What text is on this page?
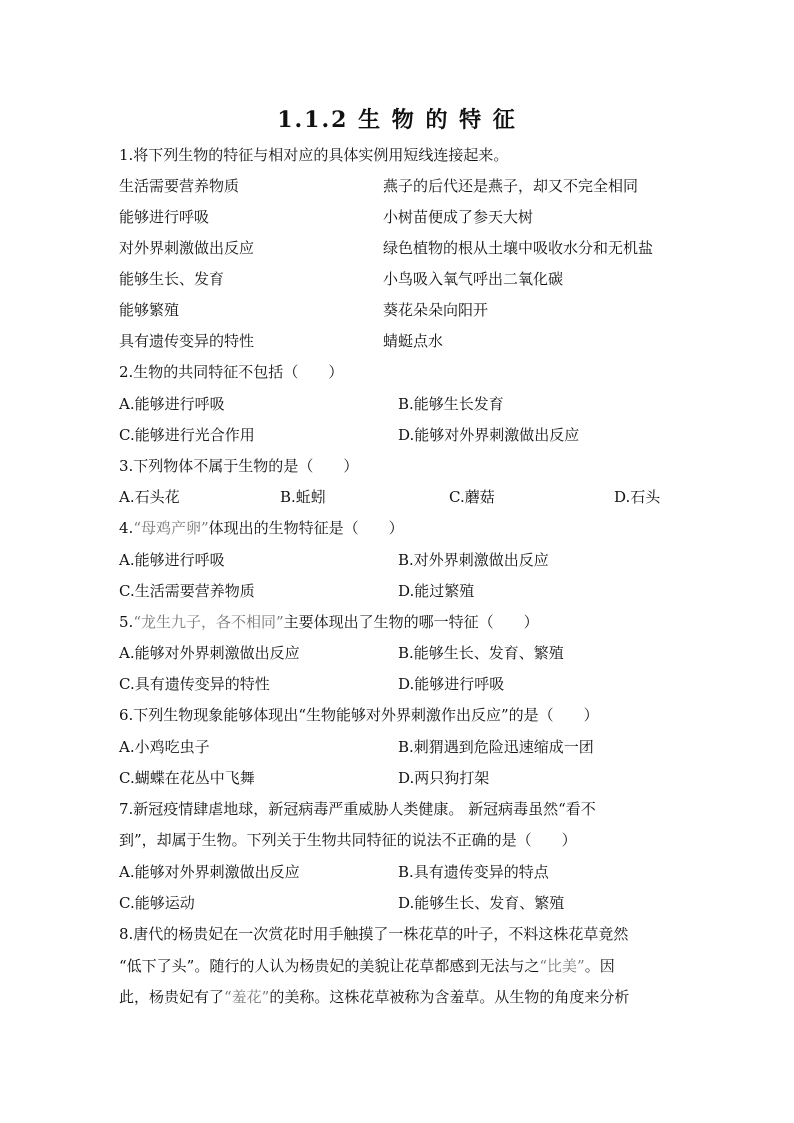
1.1.2 生 物 的 特 征
1.将下列生物的特征与相对应的具体实例用短线连接起来。
生活需要营养物质	燕子的后代还是燕子，却又不完全相同
能够进行呼吸	小树苗便成了参天大树
对外界刺激做出反应	绿色植物的根从土壤中吸收水分和无机盐
能够生长、发育	小鸟吸入氧气呼出二氧化碳
能够繁殖	葵花朵朵向阳开
具有遗传变异的特性	蜻蜓点水
2.生物的共同特征不包括（　　）
A.能够进行呼吸	B.能够生长发育
C.能够进行光合作用	D.能够对外界刺激做出反应
3.下列物体不属于生物的是（　　）
A.石头花	B.蚯蚓	C.蘑菇	D.石头
4.“母鸡产卵”体现出的生物特征是（　　）
A.能够进行呼吸	B.对外界刺激做出反应
C.生活需要营养物质	D.能过繁殖
5.“龙生九子，各不相同”主要体现出了生物的哪一特征（　　）
A.能够对外界刺激做出反应	B.能够生长、发育、繁殖
C.具有遗传变异的特性	D.能够进行呼吸
6.下列生物现象能够体现出“生物能够对外界刺激作出反应”的是（　　）
A.小鸡吃虫子	B.刺猬遇到危险迅速缩成一团
C.蝴蝶在花丛中飞舞	D.两只狗打架
7.新冠疫情肆虐地球，新冠病毒严重威胁人类健康。 新冠病毒虽然“看不
到”，却属于生物。下列关于生物共同特征的说法不正确的是（　　）
A.能够对外界刺激做出反应	B.具有遗传变异的特点
C.能够运动	D.能够生长、发育、繁殖
8.唐代的杨贵妃在一次赏花时用手触摸了一株花草的叶子，不料这株花草竟然
“低下了头”。随行的人认为杨贵妃的美貌让花草都感到无法与之“比美”。因
此，杨贵妃有了“羞花”的美称。这株花草被称为含羞草。从生物的角度来分析
